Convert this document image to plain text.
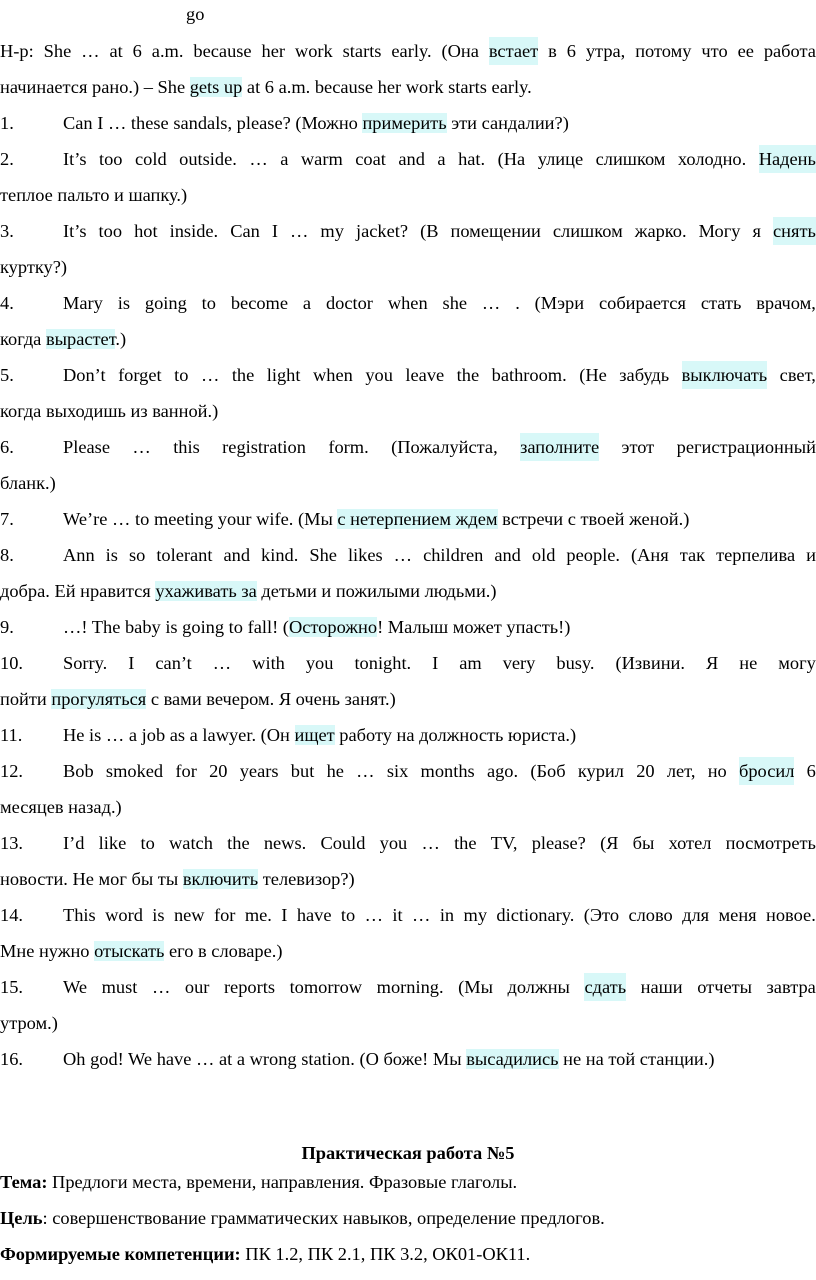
go
Н-р: She … at 6 a.m. because her work starts early. (Она встает в 6 утра, потому что ее работа
начинается рано.) – She gets up at 6 a.m. because her work starts early.
1.	Can I … these sandals, please? (Можно примерить эти сандалии?)
2.	It’s too cold outside. … a warm coat and a hat. (На улице слишком холодно. Надень
теплое пальто и шапку.)
3.	It’s too hot inside. Can I … my jacket? (В помещении слишком жарко. Могу я снять
куртку?)
4.	Mary is going to become a doctor when she … . (Мэри собирается стать врачом,
когда вырастет.)
5.	Don’t forget to … the light when you leave the bathroom. (Не забудь выключать свет,
когда выходишь из ванной.)
6.	Please … this registration form. (Пожалуйста, заполните этот регистрационный
бланк.)
7.	We’re … to meeting your wife. (Мы с нетерпением ждем встречи с твоей женой.)
8.	Ann is so tolerant and kind. She likes … children and old people. (Аня так терпелива и
добра. Ей нравится ухаживать за детьми и пожилыми людьми.)
9.	…! The baby is going to fall! (Осторожно! Малыш может упасть!)
10. Sorry. I can’t … with you tonight. I am very busy. (Извини. Я не могу
пойти прогуляться с вами вечером. Я очень занят.)
11. He is … a job as a lawyer. (Он ищет работу на должность юриста.)
12. Bob smoked for 20 years but he … six months ago. (Боб курил 20 лет, но бросил 6
месяцев назад.)
13. I’d like to watch the news. Could you … the TV, please? (Я бы хотел посмотреть
новости. Не мог бы ты включить телевизор?)
14. This word is new for me. I have to … it … in my dictionary. (Это слово для меня новое.
Мне нужно отыскать его в словаре.)
15. We must … our reports tomorrow morning. (Мы должны сдать наши отчеты завтра
утром.)
16. Oh god! We have … at a wrong station. (О боже! Мы высадились не на той станции.)
Практическая работа №5
Тема: Предлоги места, времени, направления. Фразовые глаголы.
Цель: совершенствование грамматических навыков, определение предлогов.
Формируемые компетенции: ПК 1.2, ПК 2.1, ПК 3.2, ОК01-ОК11.
